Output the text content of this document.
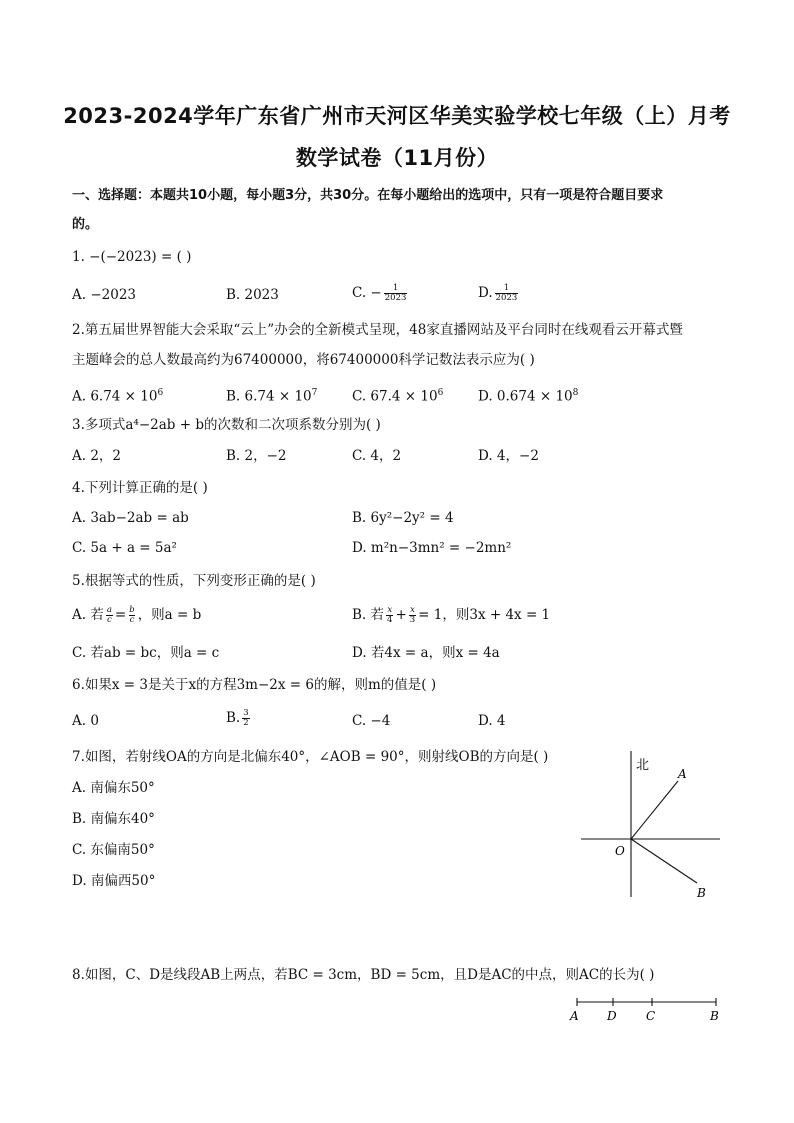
2023-2024学年广东省广州市天河区华美实验学校七年级（上）月考
数学试卷（11月份）
一、选择题：本题共10小题，每小题3分，共30分。在每小题给出的选项中，只有一项是符合题目要求
的。
1. −(−2023) = ( )
A. −2023	B. 2023	C. − $\frac{1}{2023}$	D. $\frac{1}{2023}$
2.第五届世界智能大会采取“云上”办会的全新模式呈现，48家直播网站及平台同时在线观看云开幕式暨
主题峰会的总人数最高约为67400000，将67400000科学记数法表示应为( )
A. $6.74 \times 10^6$	B. $6.74 \times 10^7$	C. $67.4 \times 10^6$	D. $0.674 \times 10^8$
3.多项式a⁴−2ab + b的次数和二次项系数分别为( )
A. 2，2	B. 2，−2	C. 4，2	D. 4，−2
4.下列计算正确的是( )
A. 3ab−2ab = ab	B. 6y²−2y² = 4
C. 5a + a = 5a²	D. m²n−3mn² = −2mn²
5.根据等式的性质，下列变形正确的是( )
A. 若 $\frac{a}{c} = \frac{b}{c}$ ，则a = b	B. 若 $\frac{x}{4} + \frac{x}{3} = 1$，则3x + 4x = 1
C. 若ab = bc，则a = c	D. 若4x = a，则x = 4a
6.如果x = 3是关于x的方程3m−2x = 6的解，则m的值是( )
A. 0	B. $\frac{3}{2}$	C. −4	D. 4
7.如图，若射线OA的方向是北偏东40°，∠AOB = 90°，则射线OB的方向是( )
A. 南偏东50°
B. 南偏东40°
C. 东偏南50°
D. 南偏西50°
北
A
O
B
8.如图，C、D是线段AB上两点，若BC = 3cm，BD = 5cm，且D是AC的中点，则AC的长为( )
A D C	B
